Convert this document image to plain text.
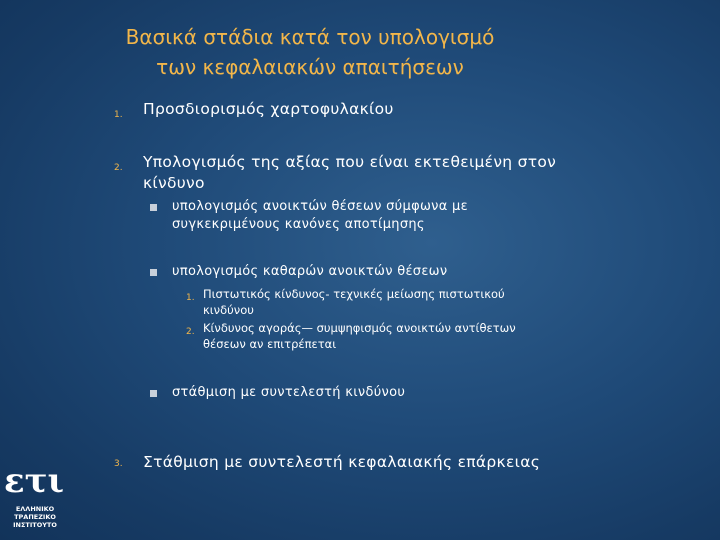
Βασικά στάδια κατά τον υπολογισμό
των κεφαλαιακών απαιτήσεων
1. Προσδιορισμός χαρτοφυλακίου
2. Υπολογισμός της αξίας που είναι εκτεθειμένη στον
κίνδυνο
υπολογισμός ανοικτών θέσεων σύμφωνα με
συγκεκριμένους κανόνες αποτίμησης
υπολογισμός καθαρών ανοικτών θέσεων
1. Πιστωτικός κίνδυνος- τεχνικές μείωσης πιστωτικού
κινδύνου
2. Κίνδυνος αγοράς— συμψηφισμός ανοικτών αντίθετων
θέσεων αν επιτρέπεται
στάθμιση με συντελεστή κινδύνου
3. Στάθμιση με συντελεστή κεφαλαιακής επάρκειας
ετι
ΕΛΛΗΝΙΚΟ
ΤΡΑΠΕΖΙΚΟ
ΙΝΣΤΙΤΟΥΤΟ
